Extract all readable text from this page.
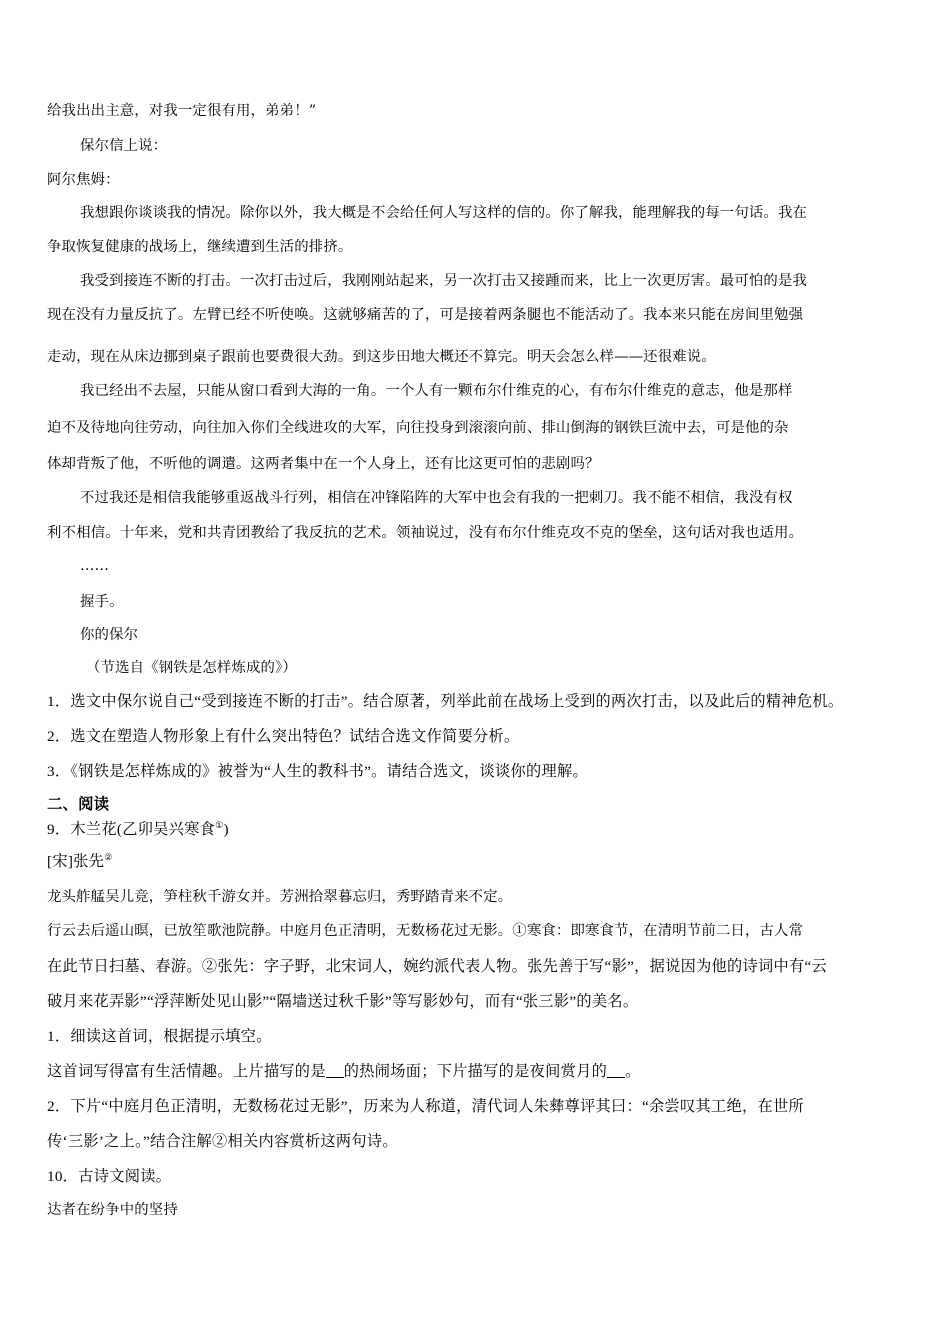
给我出出主意，对我一定很有用，弟弟！”
保尔信上说：
阿尔焦姆：
我想跟你谈谈我的情况。除你以外，我大概是不会给任何人写这样的信的。你了解我，能理解我的每一句话。我在
争取恢复健康的战场上，继续遭到生活的排挤。
我受到接连不断的打击。一次打击过后，我刚刚站起来，另一次打击又接踵而来，比上一次更厉害。最可怕的是我
现在没有力量反抗了。左臂已经不听使唤。这就够痛苦的了，可是接着两条腿也不能活动了。我本来只能在房间里勉强
走动，现在从床边挪到桌子跟前也要费很大劲。到这步田地大概还不算完。明天会怎么样——还很难说。
我已经出不去屋，只能从窗口看到大海的一角。一个人有一颗布尔什维克的心，有布尔什维克的意志，他是那样
迫不及待地向往劳动，向往加入你们全线进攻的大军，向往投身到滚滚向前、排山倒海的钢铁巨流中去，可是他的杂
体却背叛了他，不听他的调遣。这两者集中在一个人身上，还有比这更可怕的悲剧吗？
不过我还是相信我能够重返战斗行列，相信在冲锋陷阵的大军中也会有我的一把刺刀。我不能不相信，我没有权
利不相信。十年来，党和共青团教给了我反抗的艺术。领袖说过，没有布尔什维克攻不克的堡垒，这句话对我也适用。
……
握手。
你的保尔
（节选自《钢铁是怎样炼成的》）
1．选文中保尔说自己“受到接连不断的打击”。结合原著，列举此前在战场上受到的两次打击，以及此后的精神危机。
2．选文在塑造人物形象上有什么突出特色？试结合选文作简要分析。
3．《钢铁是怎样炼成的》被誉为“人生的教科书”。请结合选文，谈谈你的理解。
二、阅读
9．木兰花(乙卯吴兴寒食①)
[宋]张先②
龙头舴艋吴儿竞，笋柱秋千游女并。芳洲拾翠暮忘归，秀野踏青来不定。
行云去后遥山暝，已放笙歌池院静。中庭月色正清明，无数杨花过无影。①寒食：即寒食节，在清明节前二日，古人常
在此节日扫墓、春游。②张先：字子野，北宋词人，婉约派代表人物。张先善于写“影”，据说因为他的诗词中有“云
破月来花弄影”“浮萍断处见山影”“隔墙送过秋千影”等写影妙句，而有“张三影”的美名。
1．细读这首词，根据提示填空。
这首词写得富有生活情趣。上片描写的是 的热闹场面；下片描写的是夜间赏月的 。
2．下片“中庭月色正清明，无数杨花过无影”，历来为人称道，清代词人朱彝尊评其曰：“余尝叹其工绝，在世所
传‘三影’之上。”结合注解②相关内容赏析这两句诗。
10．古诗文阅读。
达者在纷争中的坚持
